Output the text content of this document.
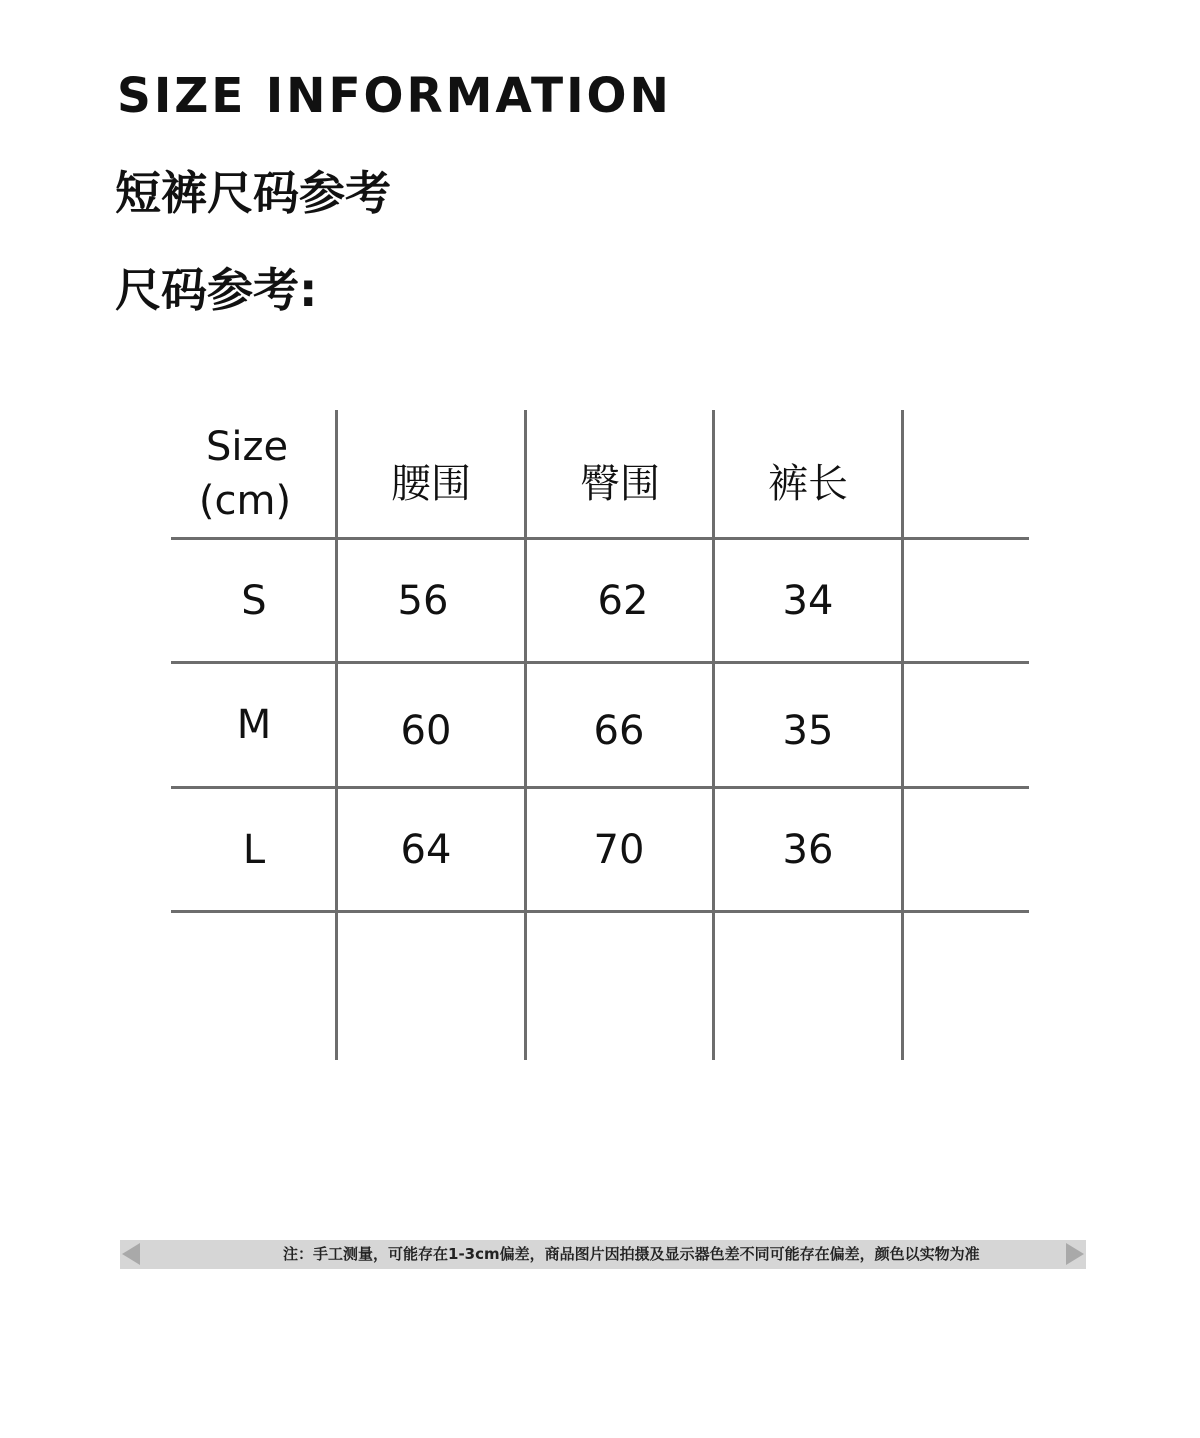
SIZE INFORMATION
短裤尺码参考
尺码参考:
Size
(cm)	腰围	臀围	裤长
S	56	62	34
M	60	66	35
L	64	70	36
注：手工测量，可能存在1-3cm偏差，商品图片因拍摄及显示器色差不同可能存在偏差，颜色以实物为准
